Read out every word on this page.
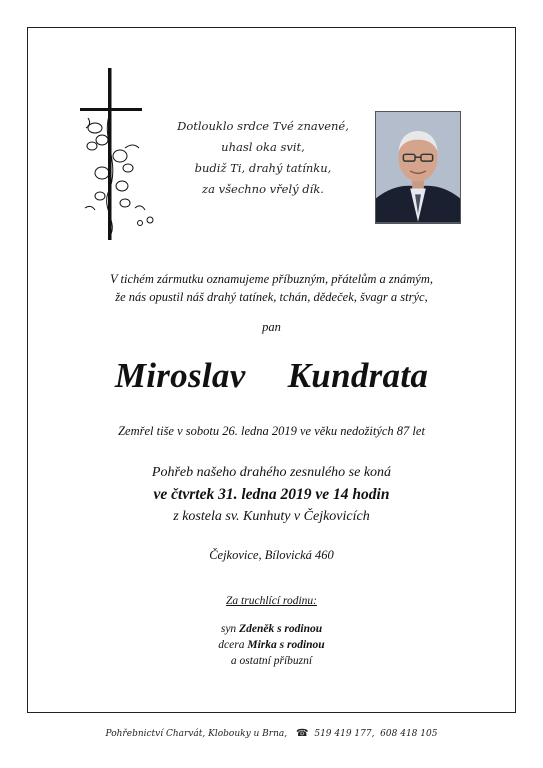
Dotlouklo srdce Tvé znavené,
uhasl oka svit,
budiž Ti, drahý tatínku,
za všechno vřelý dík.
V tichém zármutku oznamujeme příbuzným, přátelům a známým,
že nás opustil náš drahý tatínek, tchán, dědeček, švagr a strýc,
pan
Miroslav  Kundrata
Zemřel tiše v sobotu 26. ledna 2019 ve věku nedožitých 87 let
Pohřeb našeho drahého zesnulého se koná
ve čtvrtek 31. ledna 2019 ve 14 hodin
z kostela sv. Kunhuty v Čejkovicích
Čejkovice, Bílovická 460
Za truchlící rodinu:
syn Zdeněk s rodinou
dcera Mirka s rodinou
a ostatní příbuzní
Pohřebnictví Charvát, Klobouky u Brna, ☎ 519 419 177,  608 418 105
